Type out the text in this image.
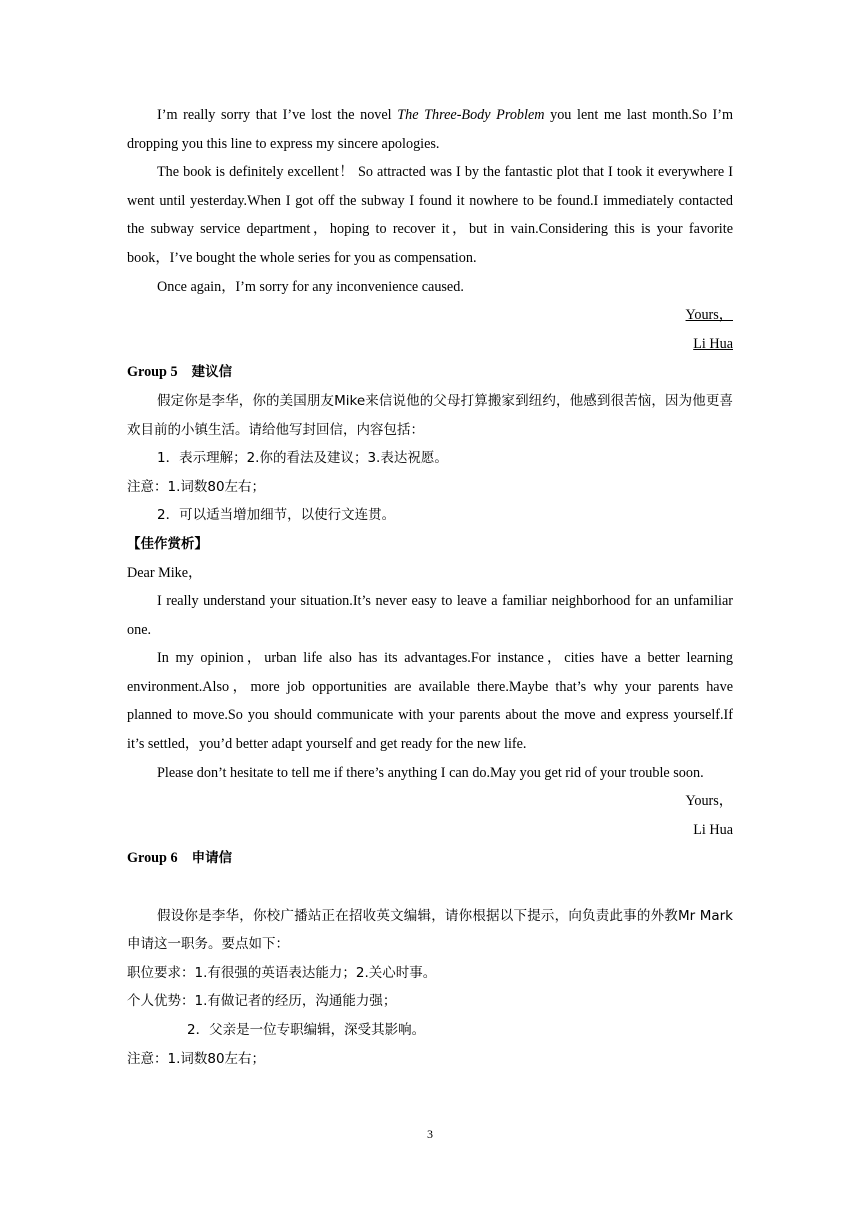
I’m really sorry that I’ve lost the novel The Three-Body Problem you lent me last month.So I’m dropping you this line to express my sincere apologies.

The book is definitely excellent！ So attracted was I by the fantastic plot that I took it everywhere I went until yesterday.When I got off the subway I found it nowhere to be found.I immediately contacted the subway service department，hoping to recover it，but in vain.Considering this is your favorite book，I’ve bought the whole series for you as compensation.

Once again，I’m sorry for any inconvenience caused.

Yours，

Li Hua

Group 5 建议信

假定你是李华，你的美国朋友Mike来信说他的父母打算搬家到纽约，他感到很苦恼，因为他更喜欢目前的小镇生活。请给他写封回信，内容包括：

1．表示理解；2.你的看法及建议；3.表达祝愿。

注意：1.词数80左右；

2．可以适当增加细节，以使行文连贯。

【佳作赏析】

Dear Mike，

I really understand your situation.It’s never easy to leave a familiar neighborhood for an unfamiliar one.

In my opinion，urban life also has its advantages.For instance，cities have a better learning environment.Also，more job opportunities are available there.Maybe that’s why your parents have planned to move.So you should communicate with your parents about the move and express yourself.If it’s settled，you’d better adapt yourself and get ready for the new life.

Please don’t hesitate to tell me if there’s anything I can do.May you get rid of your trouble soon.

Yours，

Li Hua

Group 6 申请信

假设你是李华，你校广播站正在招收英文编辑，请你根据以下提示，向负责此事的外教Mr Mark申请这一职务。要点如下：

职位要求：1.有很强的英语表达能力；2.关心时事。

个人优势：1.有做记者的经历，沟通能力强；

2．父亲是一位专职编辑，深受其影响。

注意：1.词数80左右；

3
